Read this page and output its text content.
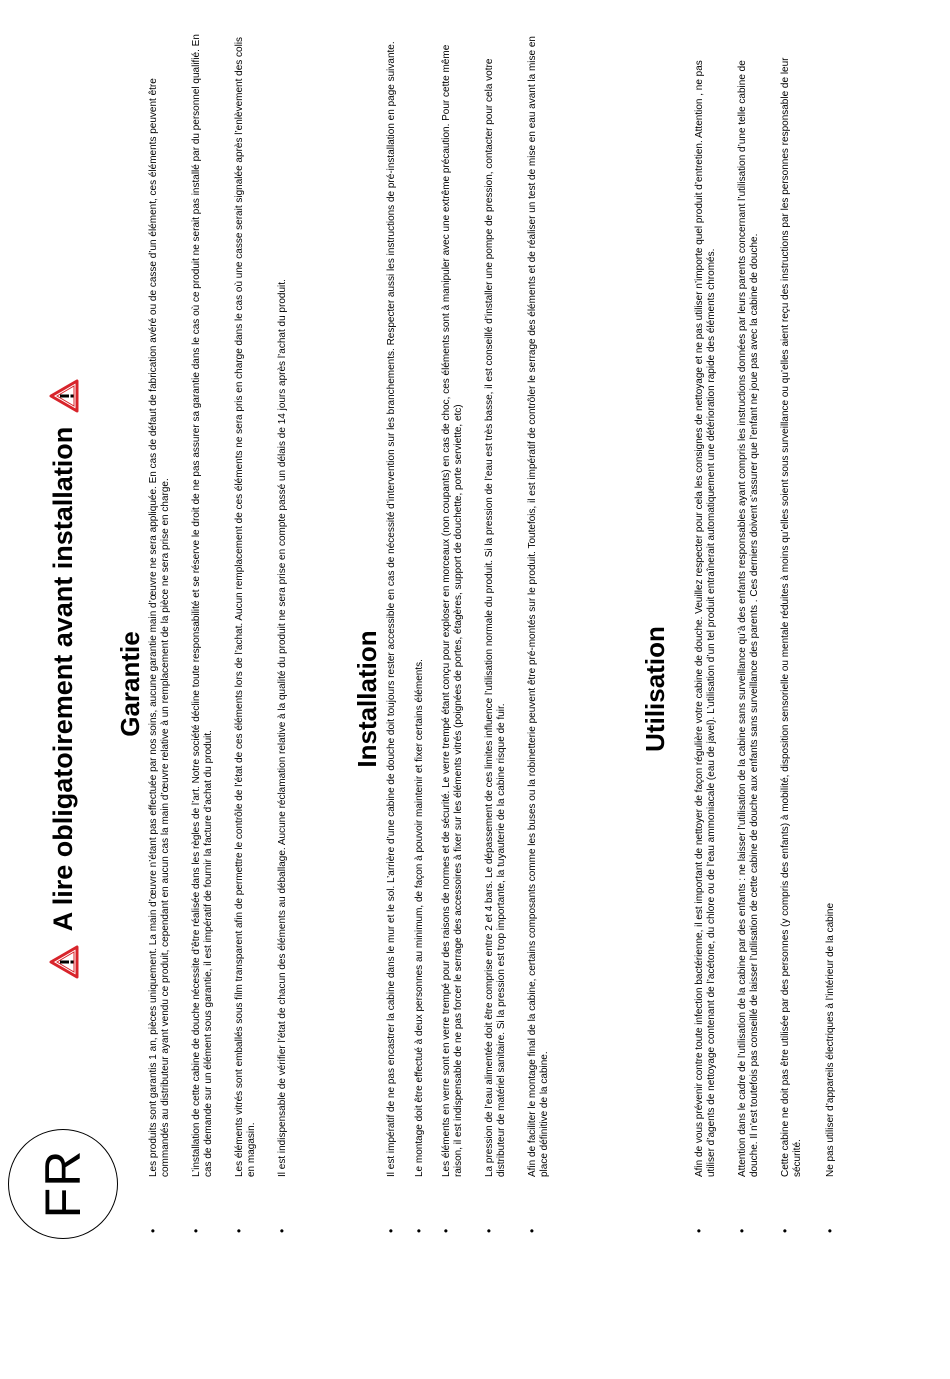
FR
A lire obligatoirement avant installation Garantie
•
Les produits sont garantis 1 an, pièces uniquement. La main d’œuvre n’étant pas effectuée par nos soins, aucune garantie main d’œuvre ne sera appliquée. En cas de défaut de fabrication avéré ou de casse d’un élément, ces éléments peuvent être commandés au distributeur ayant vendu ce produit, cependant en aucun cas la main d’œuvre relative à un remplacement de la pièce ne sera prise en charge.
•
L’installation de cette cabine de douche nécessite d’être réalisée dans les règles de l’art. Notre société décline toute responsabilité et se réserve le droit de ne pas assurer sa garantie dans le cas où ce produit ne serait pas installé par du personnel qualifié. En cas de demande sur un élément sous garantie, il est impératif de fournir la facture d’achat du produit.
•
Les éléments vitrés sont emballés sous film transparent afin de permettre le contrôle de l’état de ces éléments lors de l’achat. Aucun remplacement de ces éléments ne sera pris en charge dans le cas où une casse serait signalée après l’enlèvement des colis en magasin.
•
Il est indispensable de vérifier l’état de chacun des éléments au déballage. Aucune réclamation relative à la qualité du produit ne sera prise en compte passé un délais de 14 jours après l’achat du produit. Installation
•
Il est impératif de ne pas encastrer la cabine dans le mur et le sol. L’arrière d’une cabine de douche doit toujours rester accessible en cas de nécessité d’intervention sur les branchements. Respecter aussi les instructions de pré-installation en page suivante.
•
Le montage doit être effectué à deux personnes au minimum, de façon à pouvoir maintenir et fixer certains éléments.
•
Les éléments en verre sont en verre trempé pour des raisons de normes et de sécurité. Le verre trempé étant conçu pour exploser en morceaux (non coupants) en cas de choc, ces éléments sont à manipuler avec une extrême précaution. Pour cette même raison, il est indispensable de ne pas forcer le serrage des accessoires à fixer sur les éléments vitrés (poignées de portes, étagères, support de douchette, porte serviette, etc)
•
La pression de l’eau alimentée doit être comprise entre 2 et 4 bars. Le dépassement de ces limites influence l’utilisation normale du produit. Si la pression de l’eau est très basse, il est conseillé d’installer une pompe de pression, contacter pour cela votre distributeur de matériel sanitaire. Si la pression est trop importante, la tuyauterie de la cabine risque de fuir.
•
Afin de faciliter le montage final de la cabine, certains composants comme les buses ou la robinetterie peuvent être pré-montés sur le produit. Toutefois, il est impératif de contrôler le serrage des éléments et de réaliser un test de mise en eau avant la mise en place définitive de la cabine.
Utilisation
•
Afin de vous prévenir contre toute infection bactérienne, il est important de nettoyer de façon régulière votre cabine de douche. Veuillez respecter pour cela les consignes de nettoyage et ne pas utiliser n’importe quel produit d’entretien. Attention , ne pas utiliser d’agents de nettoyage contenant de l’acétone, du chlore ou de l’eau ammoniacale (eau de javel). L’utilisation d’un tel produit entraînerait automatiquement une détérioration rapide des éléments chromés.
•
Attention dans le cadre de l’utilisation de la cabine par des enfants : ne laisser l’utilisation de la cabine sans surveillance qu’à des enfants responsables ayant compris les instructions données par leurs parents concernant l’utilisation d’une telle cabine de douche. Il n’est toutefois pas conseillé de laisser l’utilisation de cette cabine de douche aux enfants sans surveillance des parents . Ces derniers doivent s’assurer que l’enfant ne joue pas avec la cabine de douche.
•
Cette cabine ne doit pas être utilisée par des personnes (y compris des enfants) à mobilité, disposition sensorielle ou mentale réduites à moins qu’elles soient sous surveillance ou qu’elles aient reçu des instructions par les personnes responsable de leur sécurité.
•
Ne pas utiliser d’appareils électriques à l’intérieur de la cabine
